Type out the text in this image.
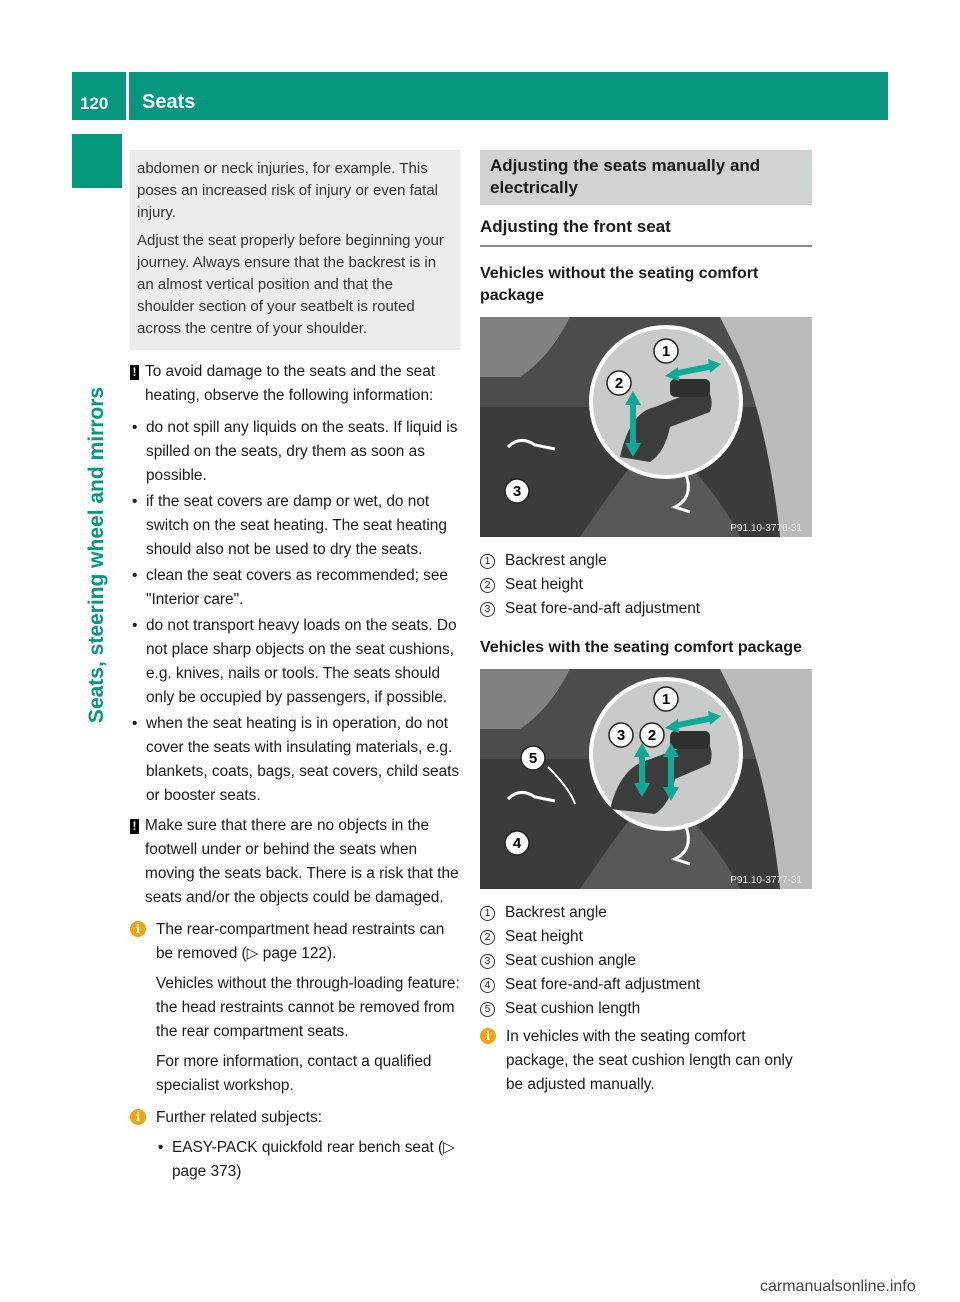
120	Seats
Seats, steering wheel and mirrors

abdomen or neck injuries, for example. This poses an increased risk of injury or even fatal injury.

Adjust the seat properly before beginning your journey. Always ensure that the backrest is in an almost vertical position and that the shoulder section of your seatbelt is routed across the centre of your shoulder.

! To avoid damage to the seats and the seat heating, observe the following information:
• do not spill any liquids on the seats. If liquid is spilled on the seats, dry them as soon as possible.
• if the seat covers are damp or wet, do not switch on the seat heating. The seat heating should also not be used to dry the seats.
• clean the seat covers as recommended; see "Interior care".
• do not transport heavy loads on the seats. Do not place sharp objects on the seat cushions, e.g. knives, nails or tools. The seats should only be occupied by passengers, if possible.
• when the seat heating is in operation, do not cover the seats with insulating materials, e.g. blankets, coats, bags, seat covers, child seats or booster seats.
! Make sure that there are no objects in the footwell under or behind the seats when moving the seats back. There is a risk that the seats and/or the objects could be damaged.
i	The rear-compartment head restraints can be removed (▷ page 122).

Vehicles without the through-loading feature: the head restraints cannot be removed from the rear compartment seats.

For more information, contact a qualified specialist workshop.

i	Further related subjects:

• EASY-PACK quickfold rear bench seat (▷ page 373)
Adjusting the seats manually and electrically
Adjusting the front seat
Vehicles without the seating comfort package
3
1
2
P91.10-3776-31
1 Backrest angle
2 Seat height
3 Seat fore-and-aft adjustment
Vehicles with the seating comfort package
4
5
1
3 2
P91.10-3777-31
1 Backrest angle
2 Seat height
3 Seat cushion angle
4 Seat fore-and-aft adjustment
5 Seat cushion length
i	In vehicles with the seating comfort package, the seat cushion length can only be adjusted manually.
carmanualsonline.info
